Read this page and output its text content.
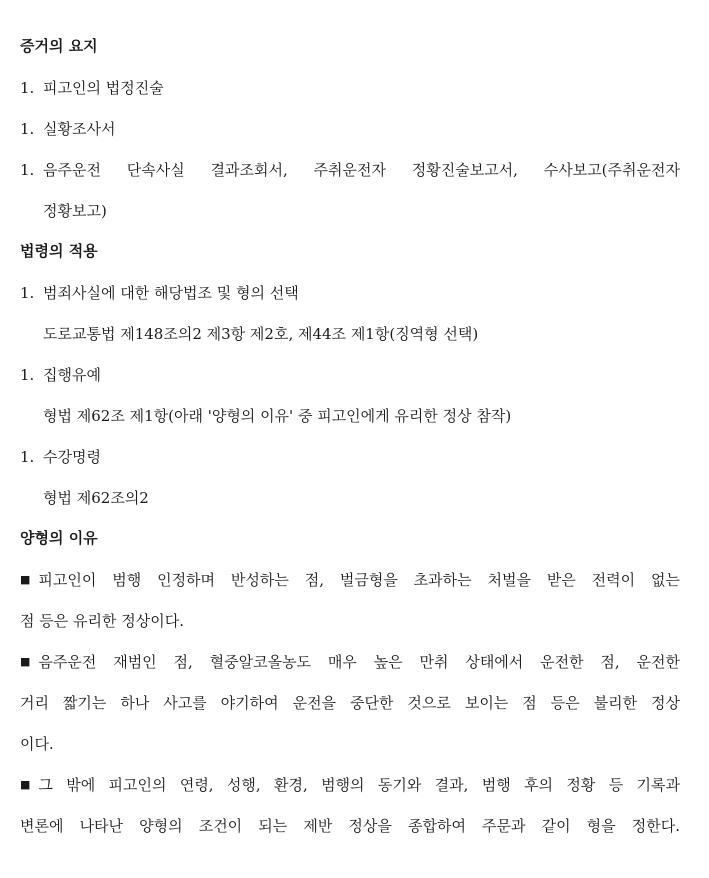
증거의 요지
1. 피고인의 법정진술
1. 실황조사서
1. 음주운전 단속사실 결과조회서, 주취운전자 정황진술보고서, 수사보고(주취운전자
정황보고)
법령의 적용
1. 범죄사실에 대한 해당법조 및 형의 선택
도로교통법 제148조의2 제3항 제2호, 제44조 제1항(징역형 선택)
1. 집행유예
형법 제62조 제1항(아래 '양형의 이유' 중 피고인에게 유리한 정상 참작)
1. 수강명령
형법 제62조의2
양형의 이유
■ 피고인이 범행 인정하며 반성하는 점, 벌금형을 초과하는 처벌을 받은 전력이 없는
점 등은 유리한 정상이다.
■ 음주운전 재범인 점, 혈중알코올농도 매우 높은 만취 상태에서 운전한 점, 운전한
거리 짧기는 하나 사고를 야기하여 운전을 중단한 것으로 보이는 점 등은 불리한 정상
이다.
■ 그 밖에 피고인의 연령, 성행, 환경, 범행의 동기와 결과, 범행 후의 정황 등 기록과
변론에 나타난 양형의 조건이 되는 제반 정상을 종합하여 주문과 같이 형을 정한다.
